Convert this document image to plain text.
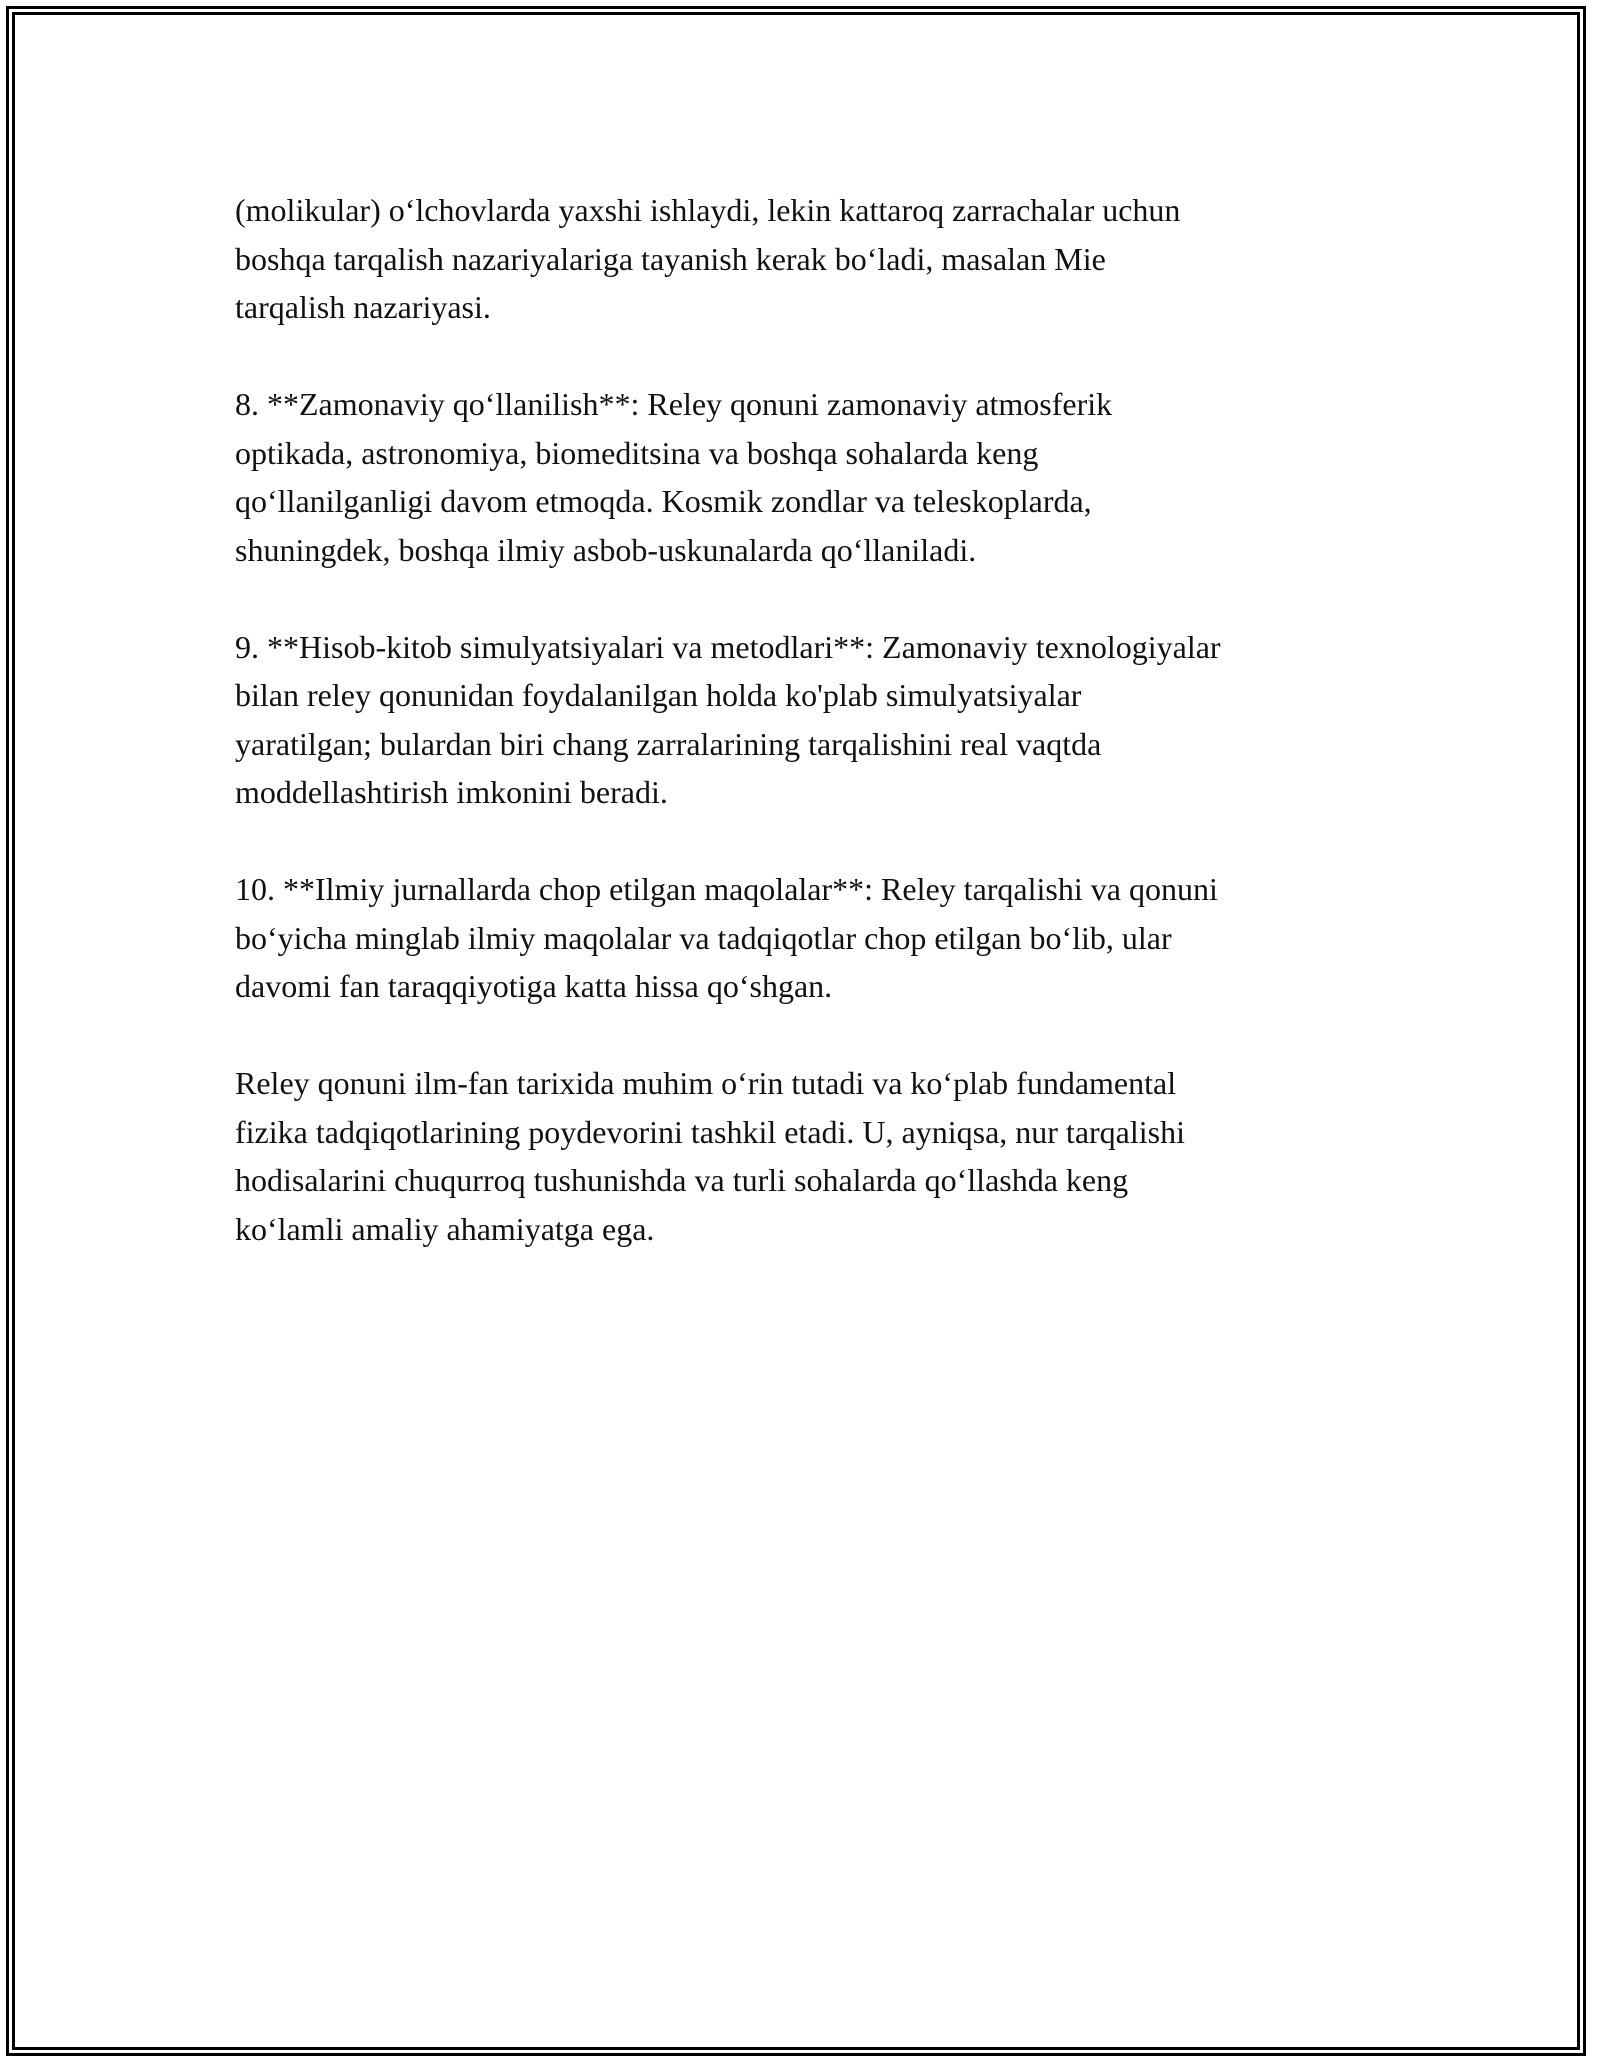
(molikular) o‘lchovlarda yaxshi ishlaydi, lekin kattaroq zarrachalar uchun
boshqa tarqalish nazariyalariga tayanish kerak bo‘ladi, masalan Mie
tarqalish nazariyasi.

8. **Zamonaviy qo‘llanilish**: Reley qonuni zamonaviy atmosferik
optikada, astronomiya, biomeditsina va boshqa sohalarda keng
qo‘llanilganligi davom etmoqda. Kosmik zondlar va teleskoplarda,
shuningdek, boshqa ilmiy asbob-uskunalarda qo‘llaniladi.

9. **Hisob-kitob simulyatsiyalari va metodlari**: Zamonaviy texnologiyalar
bilan reley qonunidan foydalanilgan holda ko'plab simulyatsiyalar
yaratilgan; bulardan biri chang zarralarining tarqalishini real vaqtda
moddellashtirish imkonini beradi.

10. **Ilmiy jurnallarda chop etilgan maqolalar**: Reley tarqalishi va qonuni
bo‘yicha minglab ilmiy maqolalar va tadqiqotlar chop etilgan bo‘lib, ular
davomi fan taraqqiyotiga katta hissa qo‘shgan.

Reley qonuni ilm-fan tarixida muhim o‘rin tutadi va ko‘plab fundamental
fizika tadqiqotlarining poydevorini tashkil etadi. U, ayniqsa, nur tarqalishi
hodisalarini chuqurroq tushunishda va turli sohalarda qo‘llashda keng
ko‘lamli amaliy ahamiyatga ega.
